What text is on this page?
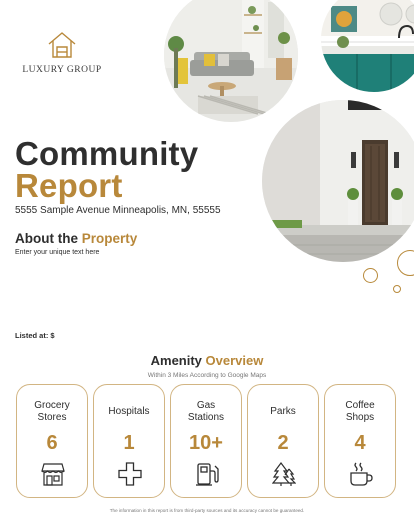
LUXURY GROUP
Community
Report
5555 Sample Avenue Minneapolis, MN, 55555
About the Property
Enter your unique text here
Listed at: $
Amenity Overview
Within 3 Miles According to Google Maps
Grocery Stores
6
Hospitals
1
Gas Stations
10+
Parks
2
Coffee Shops
4
The information in this report is from third-party sources and its accuracy cannot be guaranteed.
